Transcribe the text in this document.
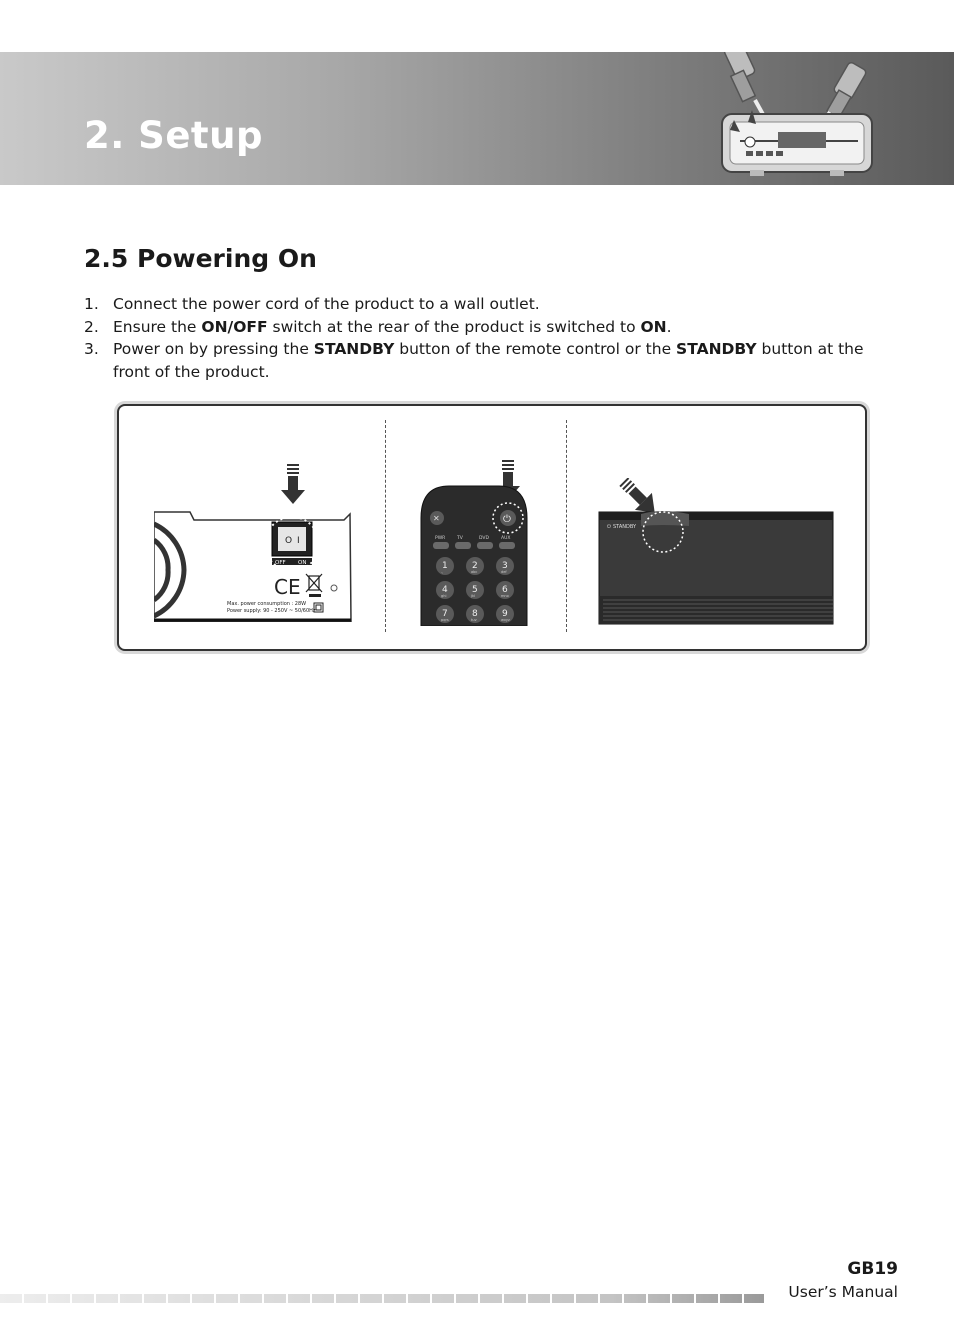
2. Setup
2.5 Powering On
1. Connect the power cord of the product to a wall outlet.
2. Ensure the ON/OFF switch at the rear of the product is switched to ON.
3. Power on by pressing the STANDBY button of the remote control or the STANDBY button at the front of the product.
O I
OFF ON
CE
Max. power consumption : 28W
Power supply: 90 - 250V ~ 50/60Hz
✕	⏻
PWR	TV	DVD	AUX
1
.,
2
abc
3
def
4
ghi
5
jkl
6
mno
7
pqrs
8
tuv
9
wxyz
⏻ STANDBY
GB19
User’s Manual
